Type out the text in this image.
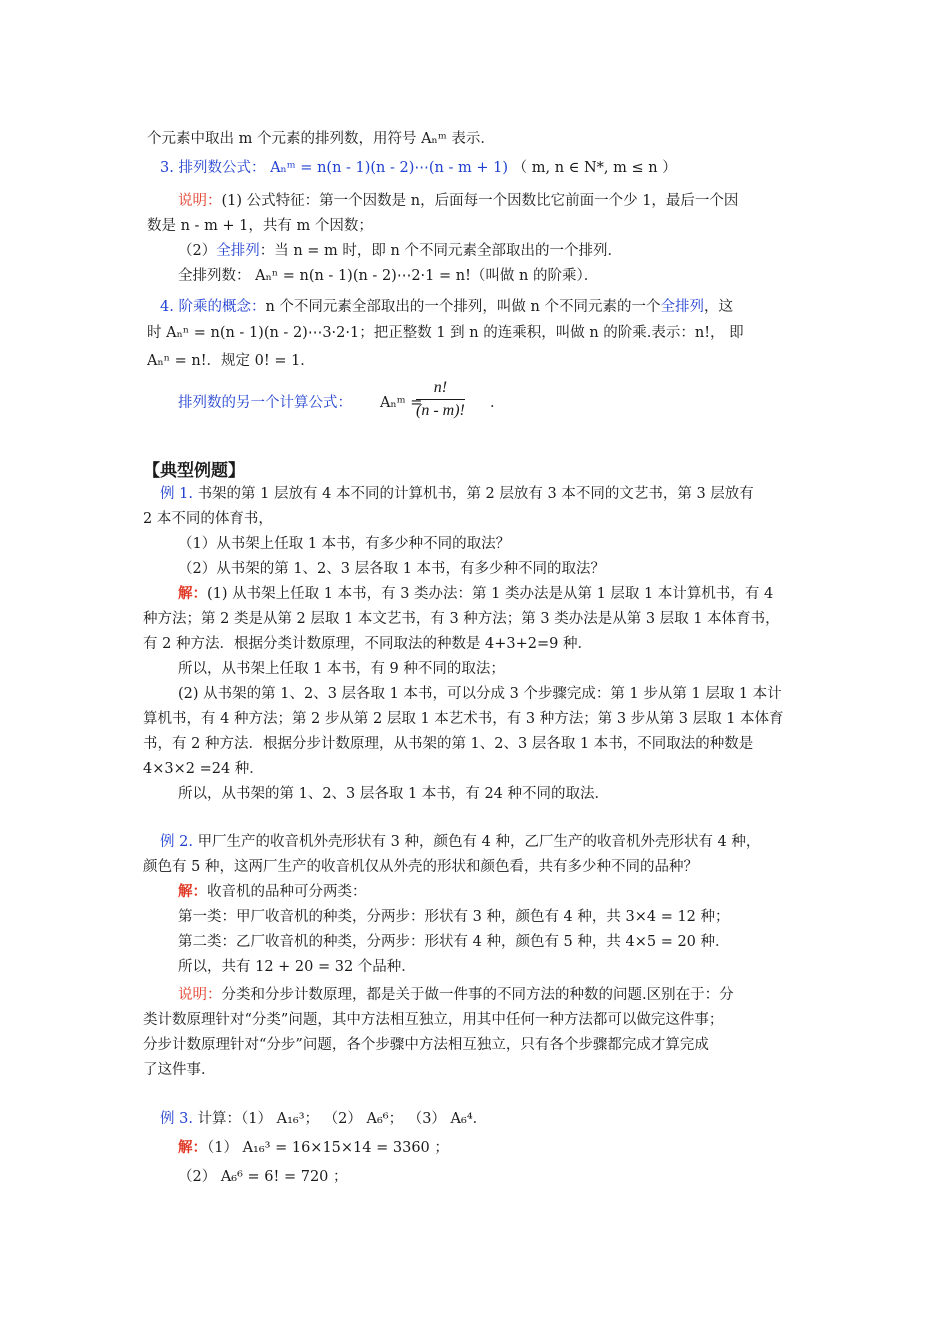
个元素中取出 m 个元素的排列数，用符号 Aₙᵐ 表示．
3. 排列数公式： Aₙᵐ = n(n - 1)(n - 2)⋯(n - m + 1) （ m, n ∈ N*, m ≤ n ）
说明：(1) 公式特征：第一个因数是 n，后面每一个因数比它前面一个少 1，最后一个因
数是 n - m + 1，共有 m 个因数；
（2）全排列：当 n = m 时，即 n 个不同元素全部取出的一个排列．
全排列数： Aₙⁿ = n(n - 1)(n - 2)⋯2·1 = n!（叫做 n 的阶乘）．
4. 阶乘的概念：n 个不同元素全部取出的一个排列，叫做 n 个不同元素的一个全排列，这
时 Aₙⁿ = n(n - 1)(n - 2)⋯3·2·1；把正整数 1 到 n 的连乘积，叫做 n 的阶乘.表示：n!， 即
Aₙⁿ = n!．规定 0! = 1．
排列数的另一个计算公式： Aₙᵐ =
$\frac{n!}{(n - m)!}$ ．
【典型例题】
例 1. 书架的第 1 层放有 4 本不同的计算机书，第 2 层放有 3 本不同的文艺书，第 3 层放有
2 本不同的体育书，
（1）从书架上任取 1 本书，有多少种不同的取法？
（2）从书架的第 1、2、3 层各取 1 本书，有多少种不同的取法？
解：(1) 从书架上任取 1 本书，有 3 类办法：第 1 类办法是从第 1 层取 1 本计算机书，有 4
种方法；第 2 类是从第 2 层取 1 本文艺书，有 3 种方法；第 3 类办法是从第 3 层取 1 本体育书，
有 2 种方法．根据分类计数原理，不同取法的种数是 4+3+2=9 种．
所以，从书架上任取 1 本书，有 9 种不同的取法；
(2) 从书架的第 1、2、3 层各取 1 本书，可以分成 3 个步骤完成：第 1 步从第 1 层取 1 本计
算机书，有 4 种方法；第 2 步从第 2 层取 1 本艺术书，有 3 种方法；第 3 步从第 3 层取 1 本体育
书，有 2 种方法．根据分步计数原理，从书架的第 1、2、3 层各取 1 本书，不同取法的种数是
4×3×2 =24 种．
所以，从书架的第 1、2、3 层各取 1 本书，有 24 种不同的取法．
例 2. 甲厂生产的收音机外壳形状有 3 种，颜色有 4 种，乙厂生产的收音机外壳形状有 4 种，
颜色有 5 种，这两厂生产的收音机仅从外壳的形状和颜色看，共有多少种不同的品种？
解：收音机的品种可分两类：
第一类：甲厂收音机的种类，分两步：形状有 3 种，颜色有 4 种，共 3×4 = 12 种；
第二类：乙厂收音机的种类，分两步：形状有 4 种，颜色有 5 种，共 4×5 = 20 种．
所以，共有 12 + 20 = 32 个品种．
说明：分类和分步计数原理，都是关于做一件事的不同方法的种数的问题.区别在于：分
类计数原理针对“分类”问题，其中方法相互独立，用其中任何一种方法都可以做完这件事；
分步计数原理针对“分步”问题，各个步骤中方法相互独立，只有各个步骤都完成才算完成
了这件事．
例 3. 计算：（1） A₁₆³； （2） A₆⁶； （3） A₆⁴．
解：（1） A₁₆³ = 16×15×14 = 3360 ；
（2） A₆⁶ = 6! = 720 ；
